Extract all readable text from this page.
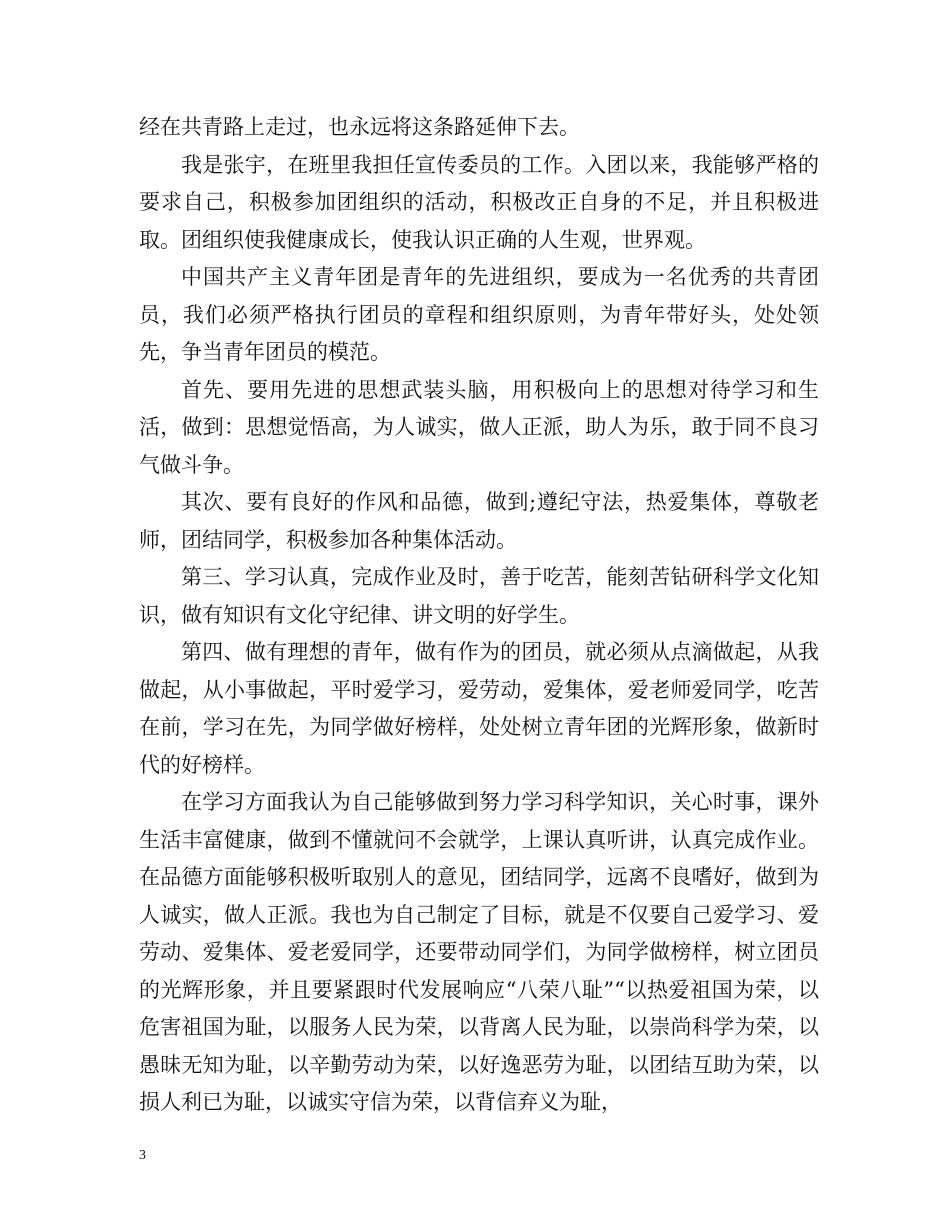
经在共青路上走过，也永远将这条路延伸下去。

我是张宇，在班里我担任宣传委员的工作。入团以来，我能够严格的要求自己，积极参加团组织的活动，积极改正自身的不足，并且积极进取。团组织使我健康成长，使我认识正确的人生观，世界观。

中国共产主义青年团是青年的先进组织，要成为一名优秀的共青团员，我们必须严格执行团员的章程和组织原则，为青年带好头，处处领先，争当青年团员的模范。

首先、要用先进的思想武装头脑，用积极向上的思想对待学习和生活，做到：思想觉悟高，为人诚实，做人正派，助人为乐，敢于同不良习气做斗争。

其次、要有良好的作风和品德，做到;遵纪守法，热爱集体，尊敬老师，团结同学，积极参加各种集体活动。

第三、学习认真，完成作业及时，善于吃苦，能刻苦钻研科学文化知识，做有知识有文化守纪律、讲文明的好学生。

第四、做有理想的青年，做有作为的团员，就必须从点滴做起，从我做起，从小事做起，平时爱学习，爱劳动，爱集体，爱老师爱同学，吃苦在前，学习在先，为同学做好榜样，处处树立青年团的光辉形象，做新时代的好榜样。

在学习方面我认为自己能够做到努力学习科学知识，关心时事，课外生活丰富健康，做到不懂就问不会就学，上课认真听讲，认真完成作业。在品德方面能够积极听取别人的意见，团结同学，远离不良嗜好，做到为人诚实，做人正派。我也为自己制定了目标，就是不仅要自己爱学习、爱劳动、爱集体、爱老爱同学，还要带动同学们，为同学做榜样，树立团员的光辉形象，并且要紧跟时代发展响应“八荣八耻”“以热爱祖国为荣，以危害祖国为耻，以服务人民为荣，以背离人民为耻，以崇尚科学为荣，以愚昧无知为耻，以辛勤劳动为荣，以好逸恶劳为耻，以团结互助为荣，以损人利已为耻，以诚实守信为荣，以背信弃义为耻，

3
